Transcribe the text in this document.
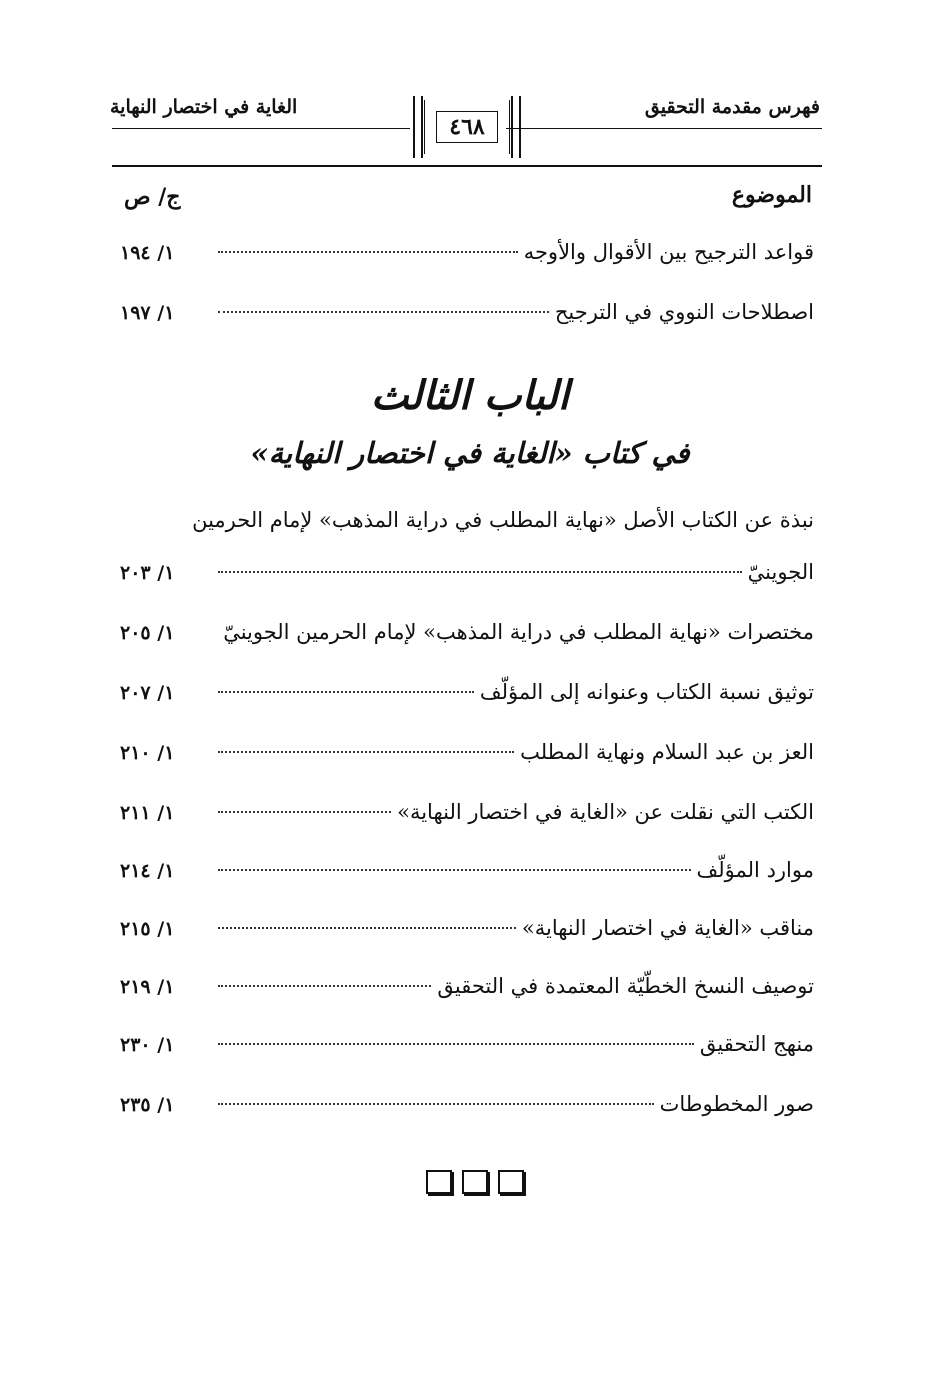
فهرس مقدمة التحقيق
الغاية في اختصار النهاية
٤٦٨
الموضوع
ج/ ص
قواعد الترجيح بين الأقوال والأوجه
١/ ١٩٤
اصطلاحات النووي في الترجيح
١/ ١٩٧
الباب الثالث
في كتاب «الغاية في اختصار النهاية»
نبذة عن الكتاب الأصل «نهاية المطلب في دراية المذهب» لإمام الحرمين
الجوينيّ
١/ ٢٠٣
مختصرات «نهاية المطلب في دراية المذهب» لإمام الحرمين الجوينيّ
١/ ٢٠٥
توثيق نسبة الكتاب وعنوانه إلى المؤلّف
١/ ٢٠٧
العز بن عبد السلام ونهاية المطلب
١/ ٢١٠
الكتب التي نقلت عن «الغاية في اختصار النهاية»
١/ ٢١١
موارد المؤلّف
١/ ٢١٤
مناقب «الغاية في اختصار النهاية»
١/ ٢١٥
توصيف النسخ الخطّيّة المعتمدة في التحقيق
١/ ٢١٩
منهج التحقيق
١/ ٢٣٠
صور المخطوطات
١/ ٢٣٥
